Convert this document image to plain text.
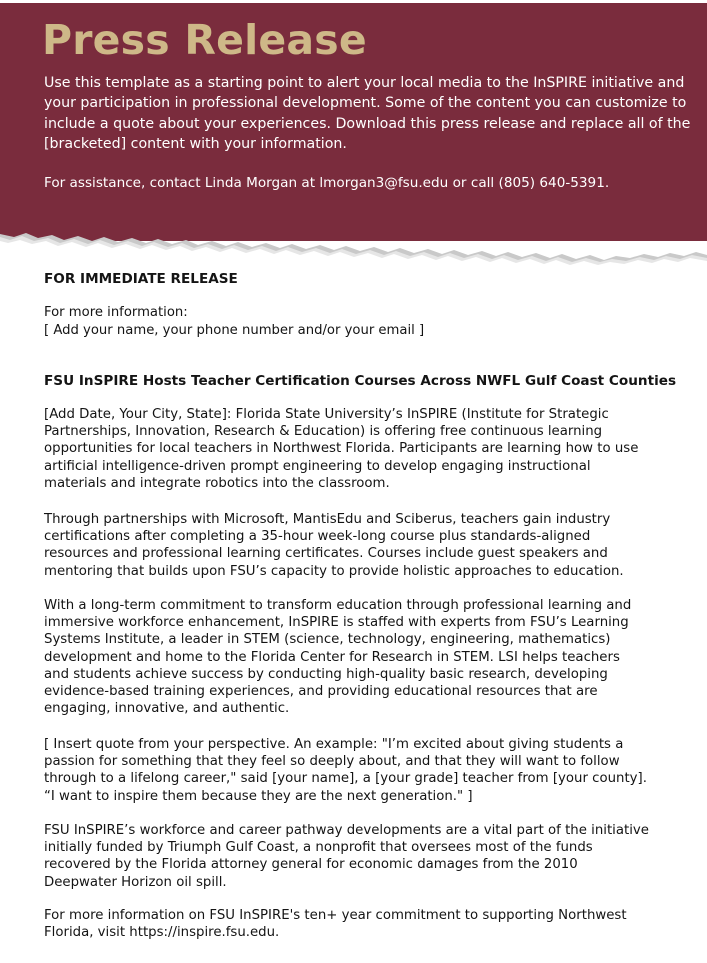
Press Release

Use this template as a starting point to alert your local media to the InSPIRE initiative and
your participation in professional development. Some of the content you can customize to
include a quote about your experiences. Download this press release and replace all of the
[bracketed] content with your information.

For assistance, contact Linda Morgan at lmorgan3@fsu.edu or call (805) 640-5391.

FOR IMMEDIATE RELEASE

For more information:
[ Add your name, your phone number and/or your email ]

FSU InSPIRE Hosts Teacher Certification Courses Across NWFL Gulf Coast Counties

[Add Date, Your City, State]: Florida State University’s InSPIRE (Institute for Strategic
Partnerships, Innovation, Research & Education) is offering free continuous learning
opportunities for local teachers in Northwest Florida. Participants are learning how to use
artificial intelligence-driven prompt engineering to develop engaging instructional
materials and integrate robotics into the classroom.

Through partnerships with Microsoft, MantisEdu and Sciberus, teachers gain industry
certifications after completing a 35-hour week-long course plus standards-aligned
resources and professional learning certificates. Courses include guest speakers and
mentoring that builds upon FSU’s capacity to provide holistic approaches to education.

With a long-term commitment to transform education through professional learning and
immersive workforce enhancement, InSPIRE is staffed with experts from FSU’s Learning
Systems Institute, a leader in STEM (science, technology, engineering, mathematics)
development and home to the Florida Center for Research in STEM. LSI helps teachers
and students achieve success by conducting high-quality basic research, developing
evidence-based training experiences, and providing educational resources that are
engaging, innovative, and authentic.

[ Insert quote from your perspective. An example: "I’m excited about giving students a
passion for something that they feel so deeply about, and that they will want to follow
through to a lifelong career," said [your name], a [your grade] teacher from [your county].
“I want to inspire them because they are the next generation." ]

FSU InSPIRE’s workforce and career pathway developments are a vital part of the initiative
initially funded by Triumph Gulf Coast, a nonprofit that oversees most of the funds
recovered by the Florida attorney general for economic damages from the 2010
Deepwater Horizon oil spill.

For more information on FSU InSPIRE's ten+ year commitment to supporting Northwest
Florida, visit https://inspire.fsu.edu.
